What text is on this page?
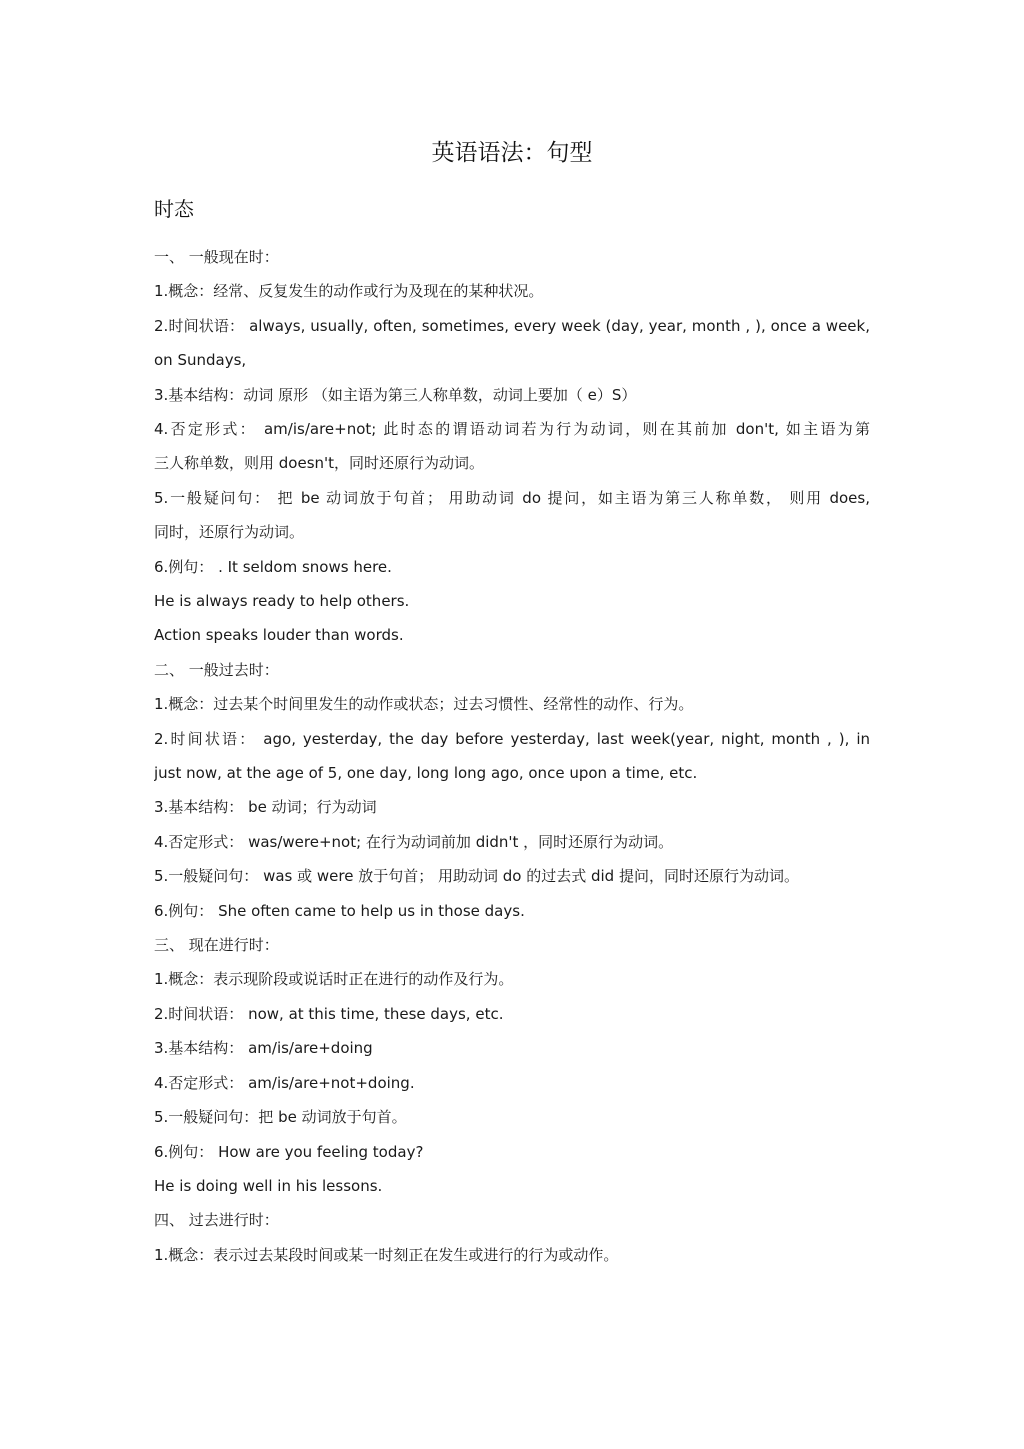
英语语法：句型
时态
一、 一般现在时：
1.概念：经常、反复发生的动作或行为及现在的某种状况。
2.时间状语： always, usually, often, sometimes, every week (day, year, month , ), once a week,
on Sundays,
3.基本结构：动词 原形 （如主语为第三人称单数，动词上要加（ e）S）
4.否定形式： am/is/are+not; 此时态的谓语动词若为行为动词，则在其前加 don't, 如主语为第
三人称单数，则用 doesn't，同时还原行为动词。
5.一般疑问句： 把 be 动词放于句首； 用助动词 do 提问，如主语为第三人称单数， 则用 does,
同时，还原行为动词。
6.例句： . It seldom snows here.
He is always ready to help others.
Action speaks louder than words.
二、 一般过去时：
1.概念：过去某个时间里发生的动作或状态；过去习惯性、经常性的动作、行为。
2.时间状语： ago, yesterday, the day before yesterday, last week(year, night, month , ), in
just now, at the age of 5, one day, long long ago, once upon a time, etc.
3.基本结构： be 动词；行为动词
4.否定形式： was/were+not; 在行为动词前加 didn't ，同时还原行为动词。
5.一般疑问句： was 或 were 放于句首； 用助动词 do 的过去式 did 提问，同时还原行为动词。
6.例句： She often came to help us in those days.
三、 现在进行时：
1.概念：表示现阶段或说话时正在进行的动作及行为。
2.时间状语： now, at this time, these days, etc.
3.基本结构： am/is/are+doing
4.否定形式： am/is/are+not+doing.
5.一般疑问句：把 be 动词放于句首。
6.例句： How are you feeling today?
He is doing well in his lessons.
四、 过去进行时：
1.概念：表示过去某段时间或某一时刻正在发生或进行的行为或动作。
